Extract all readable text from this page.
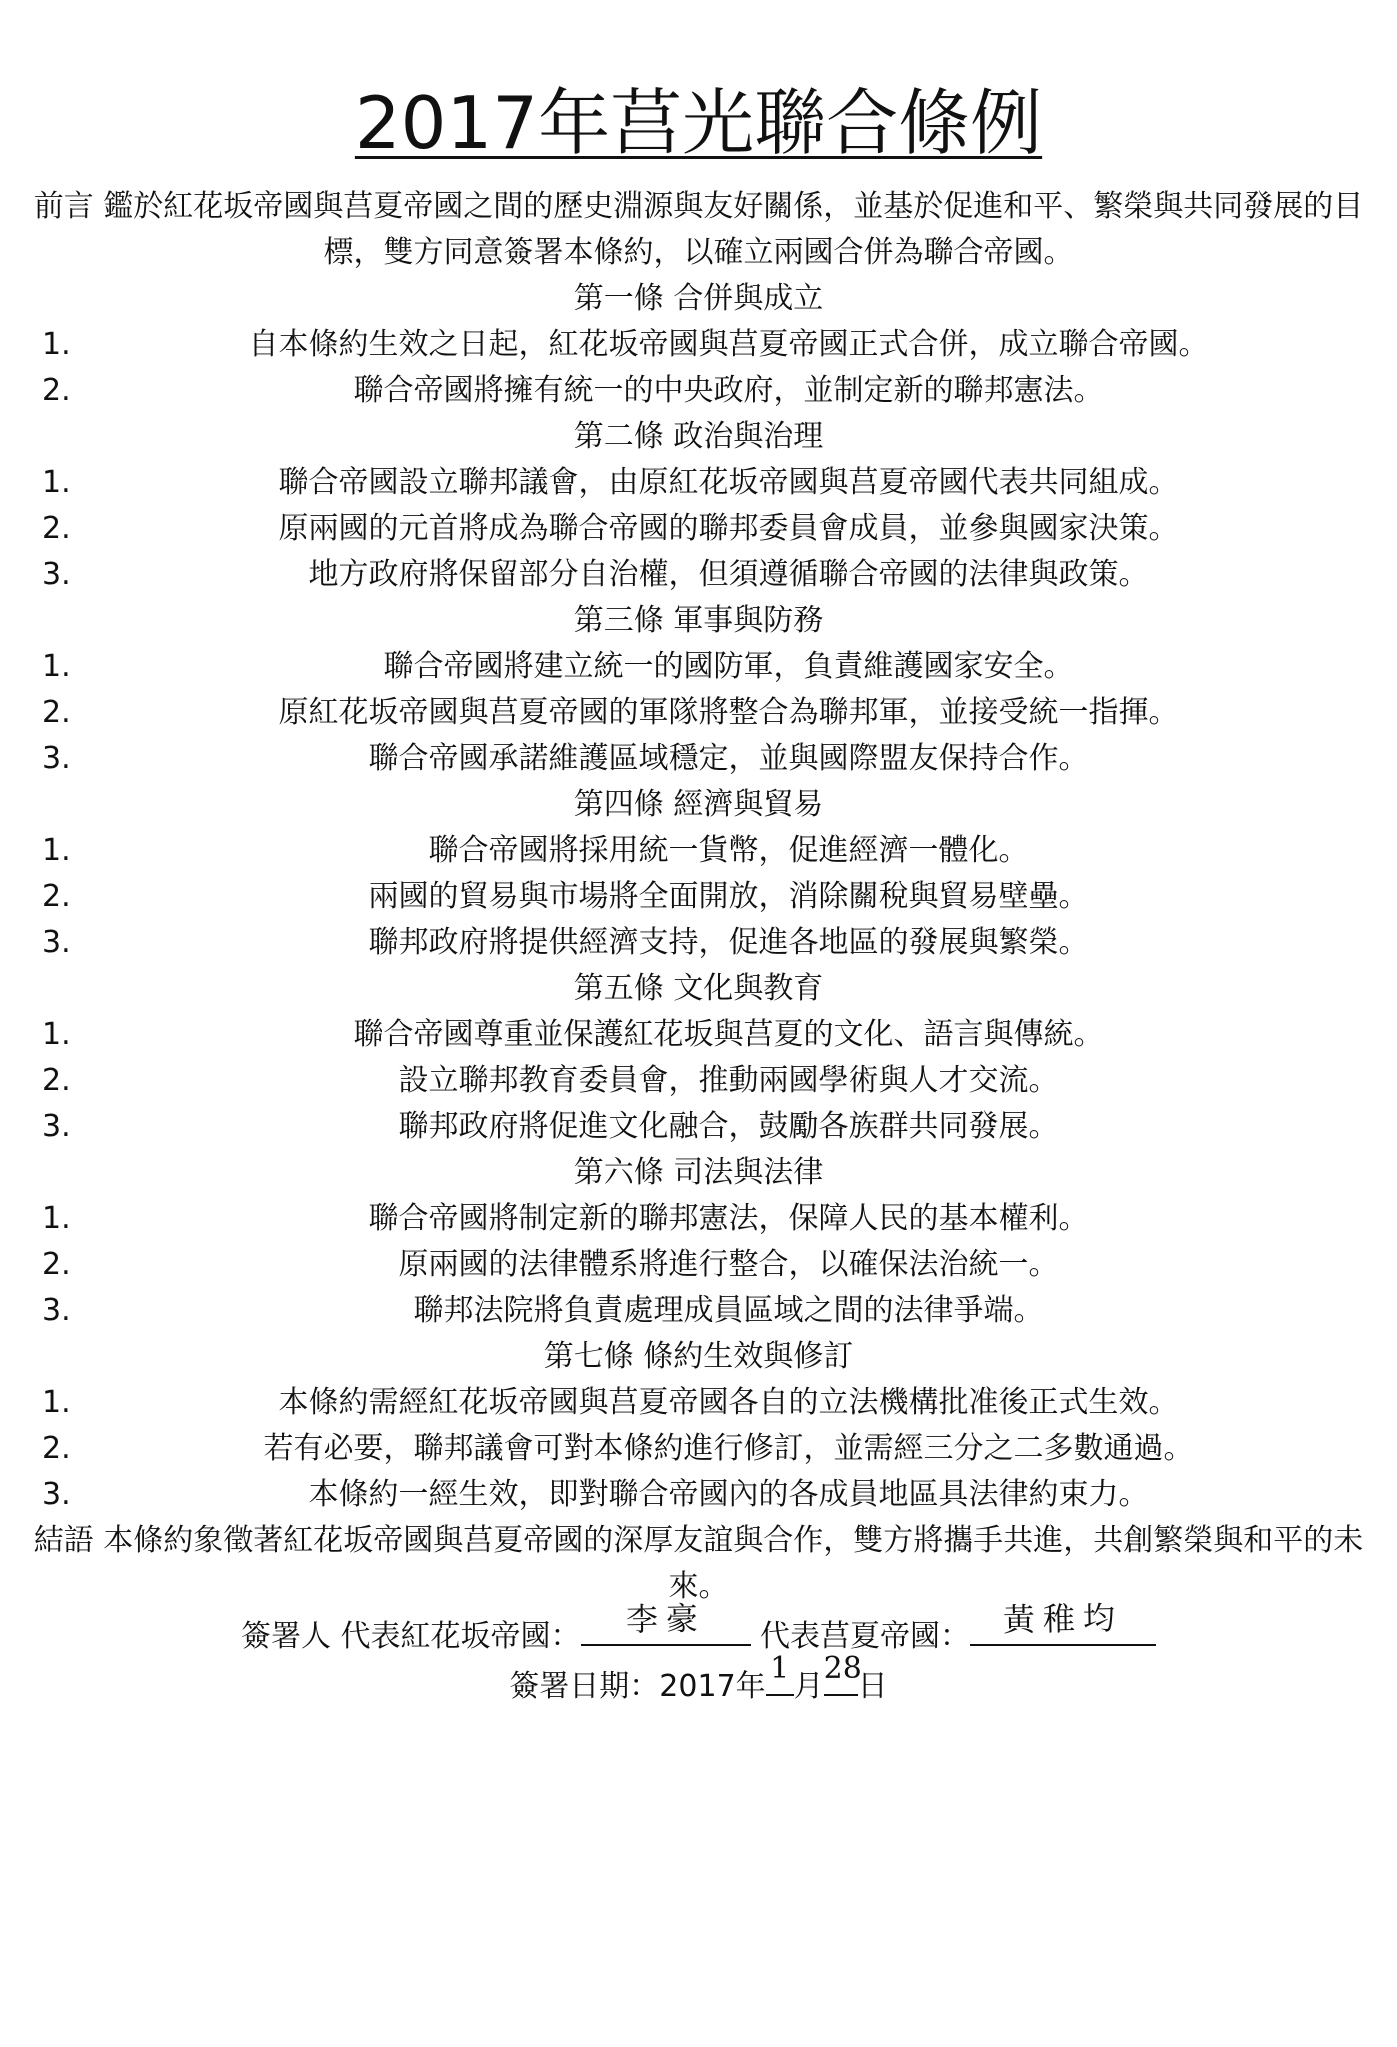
2017年莒光聯合條例
前言 鑑於紅花坂帝國與莒夏帝國之間的歷史淵源與友好關係，並基於促進和平、繁榮與共同發展的目標，雙方同意簽署本條約，以確立兩國合併為聯合帝國。
第一條 合併與成立
1.	自本條約生效之日起，紅花坂帝國與莒夏帝國正式合併，成立聯合帝國。
2.	聯合帝國將擁有統一的中央政府，並制定新的聯邦憲法。
第二條 政治與治理
1.	聯合帝國設立聯邦議會，由原紅花坂帝國與莒夏帝國代表共同組成。
2.	原兩國的元首將成為聯合帝國的聯邦委員會成員，並參與國家決策。
3.	地方政府將保留部分自治權，但須遵循聯合帝國的法律與政策。
第三條 軍事與防務
1.	聯合帝國將建立統一的國防軍，負責維護國家安全。
2.	原紅花坂帝國與莒夏帝國的軍隊將整合為聯邦軍，並接受統一指揮。
3.	聯合帝國承諾維護區域穩定，並與國際盟友保持合作。
第四條 經濟與貿易
1.	聯合帝國將採用統一貨幣，促進經濟一體化。
2.	兩國的貿易與市場將全面開放，消除關稅與貿易壁壘。
3.	聯邦政府將提供經濟支持，促進各地區的發展與繁榮。
第五條 文化與教育
1.	聯合帝國尊重並保護紅花坂與莒夏的文化、語言與傳統。
2.	設立聯邦教育委員會，推動兩國學術與人才交流。
3.	聯邦政府將促進文化融合，鼓勵各族群共同發展。
第六條 司法與法律
1.	聯合帝國將制定新的聯邦憲法，保障人民的基本權利。
2.	原兩國的法律體系將進行整合，以確保法治統一。
3.	聯邦法院將負責處理成員區域之間的法律爭端。
第七條 條約生效與修訂
1.	本條約需經紅花坂帝國與莒夏帝國各自的立法機構批准後正式生效。
2.	若有必要，聯邦議會可對本條約進行修訂，並需經三分之二多數通過。
3.	本條約一經生效，即對聯合帝國內的各成員地區具法律約束力。
結語 本條約象徵著紅花坂帝國與莒夏帝國的深厚友誼與合作，雙方將攜手共進，共創繁榮與和平的未來。
簽署人 代表紅花坂帝國：	李豪	代表莒夏帝國：	黃稚均
簽署日期：2017年
1
月
28
日
